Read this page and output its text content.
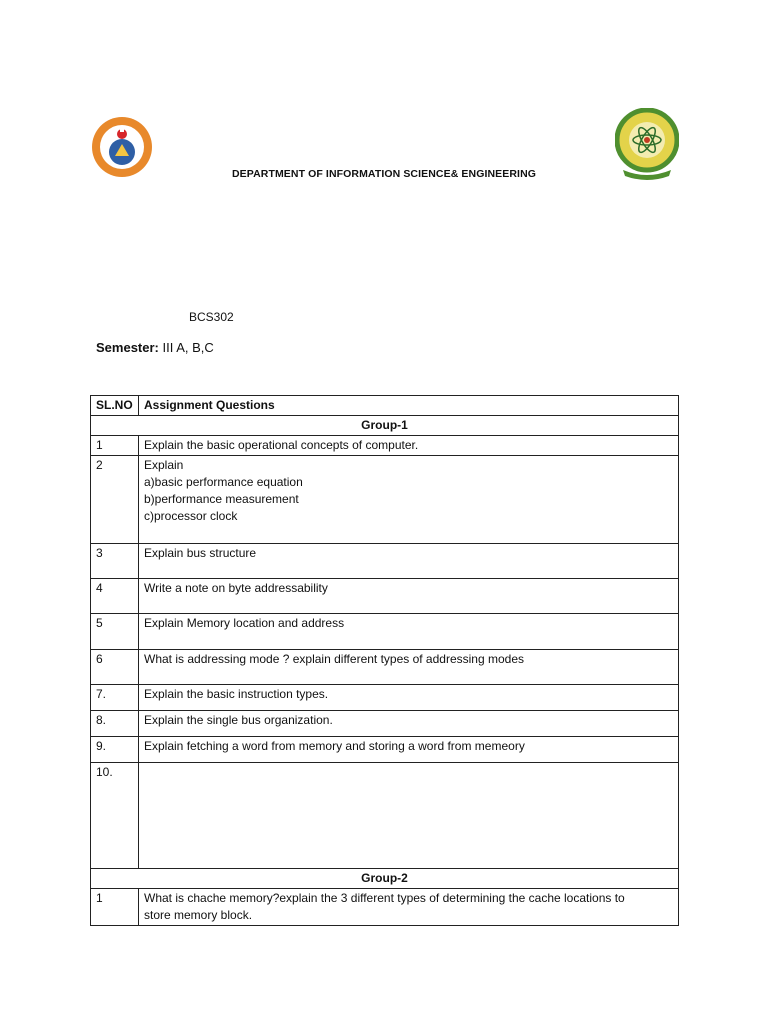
DEPARTMENT OF INFORMATION SCIENCE& ENGINEERING
BCS302
Semester: III A, B,C
SL.NO	Assignment Questions
Group-1	
1	Explain the basic operational concepts of computer.

2	Explain
a)basic performance equation
b)performance measurement
c)processor clock

3	Explain bus structure

4	Write a note on byte addressability

5	Explain Memory location and address

6	What is addressing mode ? explain different types of addressing modes

7.	Explain the basic instruction types.

8.	Explain the single bus organization.

9.	Explain fetching a word from memory and storing a word from memeory

10.	

Group-2	
1	What is chache memory?explain the 3 different types of determining the cache locations to
store memory block.
